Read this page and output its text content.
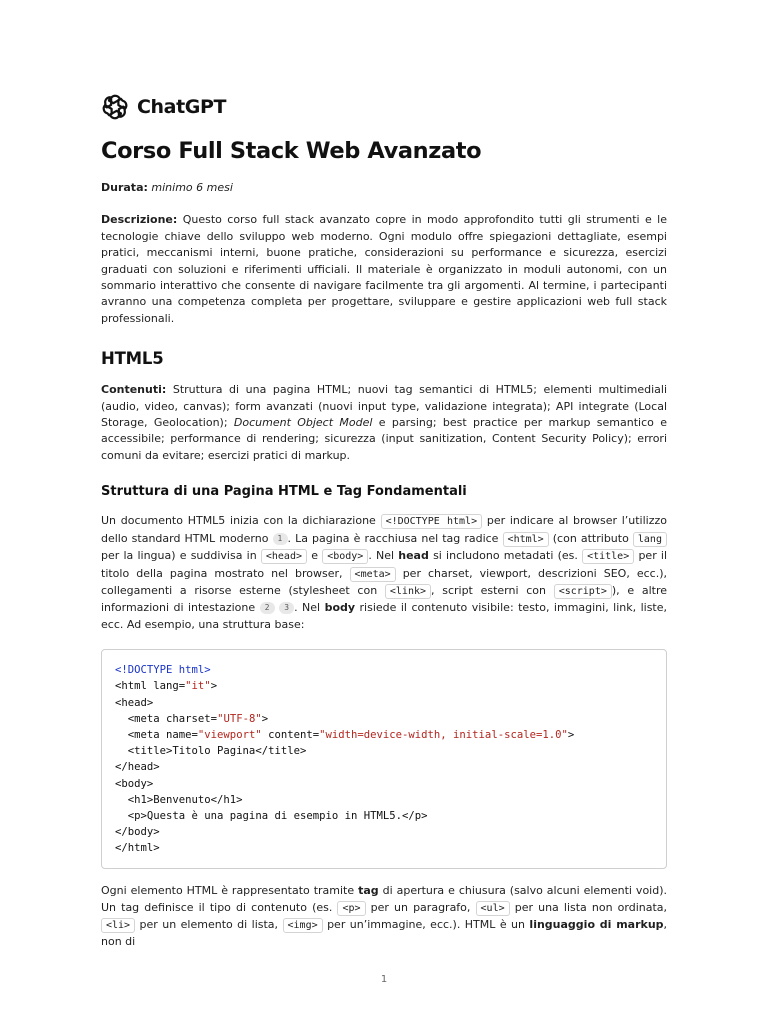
ChatGPT
Corso Full Stack Web Avanzato

Durata: minimo 6 mesi

Descrizione: Questo corso full stack avanzato copre in modo approfondito tutti gli strumenti e le tecnologie chiave dello sviluppo web moderno. Ogni modulo offre spiegazioni dettagliate, esempi pratici, meccanismi interni, buone pratiche, considerazioni su performance e sicurezza, esercizi graduati con soluzioni e riferimenti ufficiali. Il materiale è organizzato in moduli autonomi, con un sommario interattivo che consente di navigare facilmente tra gli argomenti. Al termine, i partecipanti avranno una competenza completa per progettare, sviluppare e gestire applicazioni web full stack professionali.

HTML5

Contenuti: Struttura di una pagina HTML; nuovi tag semantici di HTML5; elementi multimediali (audio, video, canvas); form avanzati (nuovi input type, validazione integrata); API integrate (Local Storage, Geolocation); Document Object Model e parsing; best practice per markup semantico e accessibile; performance di rendering; sicurezza (input sanitization, Content Security Policy); errori comuni da evitare; esercizi pratici di markup.

Struttura di una Pagina HTML e Tag Fondamentali

Un documento HTML5 inizia con la dichiarazione <!DOCTYPE html> per indicare al browser l’utilizzo dello standard HTML moderno 1 . La pagina è racchiusa nel tag radice <html> (con attributo lang per la lingua) e suddivisa in <head> e <body> . Nel head si includono metadati (es. <title> per il titolo della pagina mostrato nel browser, <meta> per charset, viewport, descrizioni SEO, ecc.), collegamenti a risorse esterne (stylesheet con <link> , script esterni con <script> ), e altre informazioni di intestazione 2 3 . Nel body risiede il contenuto visibile: testo, immagini, link, liste, ecc. Ad esempio, una struttura base:

<!DOCTYPE html>
<html lang="it">
<head>
<meta charset="UTF-8">
<meta name="viewport" content="width=device-width, initial-scale=1.0">
<title>Titolo Pagina</title>
</head>
<body>
<h1>Benvenuto</h1>
<p>Questa è una pagina di esempio in HTML5.</p>
</body>
</html>

Ogni elemento HTML è rappresentato tramite tag di apertura e chiusura (salvo alcuni elementi void). Un tag definisce il tipo di contenuto (es. <p> per un paragrafo, <ul> per una lista non ordinata, <li> per un elemento di lista, <img> per un’immagine, ecc.). HTML è un linguaggio di markup, non di

1
